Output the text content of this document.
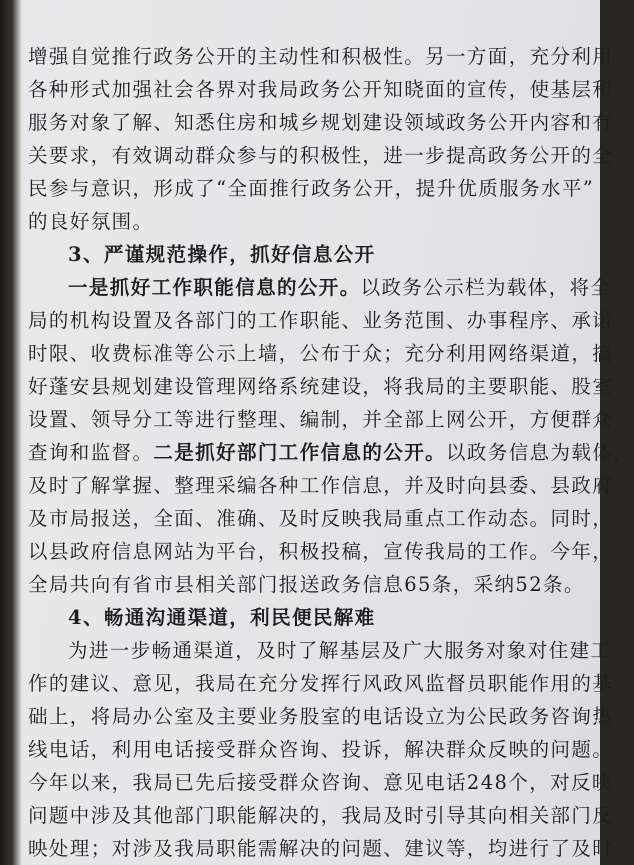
增强自觉推行政务公开的主动性和积极性。另一方面，充分利用
各种形式加强社会各界对我局政务公开知晓面的宣传，使基层和
服务对象了解、知悉住房和城乡规划建设领域政务公开内容和有
关要求，有效调动群众参与的积极性，进一步提高政务公开的全
民参与意识，形成了“全面推行政务公开，提升优质服务水平”
的良好氛围。
3、严谨规范操作，抓好信息公开
一是抓好工作职能信息的公开。以政务公示栏为载体，将全
局的机构设置及各部门的工作职能、业务范围、办事程序、承诺
时限、收费标准等公示上墙，公布于众；充分利用网络渠道，搞
好蓬安县规划建设管理网络系统建设，将我局的主要职能、股室
设置、领导分工等进行整理、编制，并全部上网公开，方便群众
查询和监督。二是抓好部门工作信息的公开。以政务信息为载体，
及时了解掌握、整理采编各种工作信息，并及时向县委、县政府
及市局报送，全面、准确、及时反映我局重点工作动态。同时，
以县政府信息网站为平台，积极投稿，宣传我局的工作。今年，
全局共向有省市县相关部门报送政务信息65条，采纳52条。
4、畅通沟通渠道，利民便民解难
为进一步畅通渠道，及时了解基层及广大服务对象对住建工
作的建议、意见，我局在充分发挥行风政风监督员职能作用的基
础上，将局办公室及主要业务股室的电话设立为公民政务咨询热
线电话，利用电话接受群众咨询、投诉，解决群众反映的问题。
今年以来，我局已先后接受群众咨询、意见电话248个，对反映
问题中涉及其他部门职能解决的，我局及时引导其向相关部门反
映处理；对涉及我局职能需解决的问题、建议等，均进行了及时
